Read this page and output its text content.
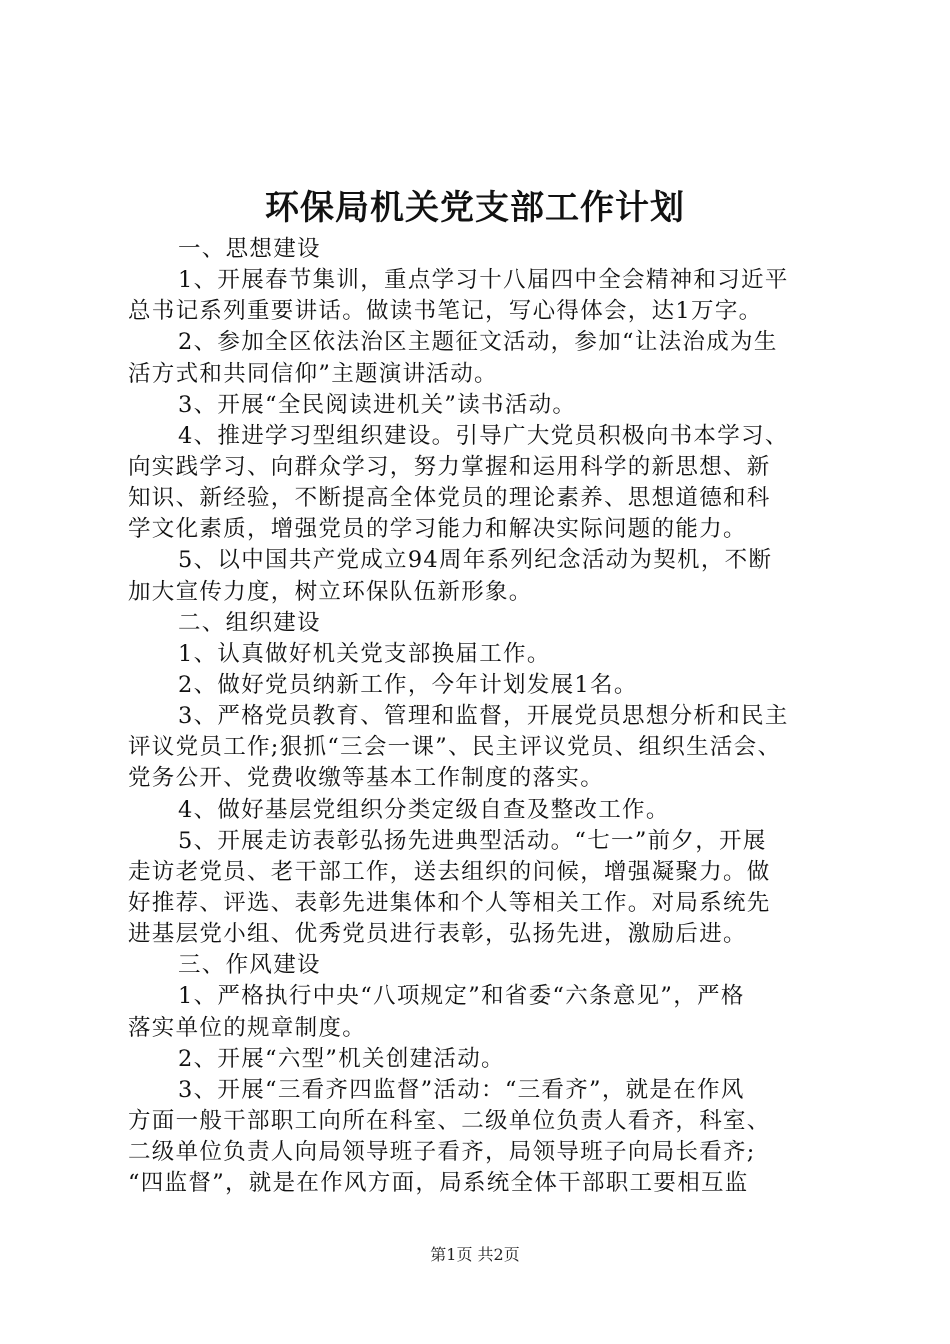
环保局机关党支部工作计划
一、思想建设
1、开展春节集训，重点学习十八届四中全会精神和习近平
总书记系列重要讲话。做读书笔记，写心得体会，达1万字。
2、参加全区依法治区主题征文活动，参加“让法治成为生
活方式和共同信仰”主题演讲活动。
3、开展“全民阅读进机关”读书活动。
4、推进学习型组织建设。引导广大党员积极向书本学习、
向实践学习、向群众学习，努力掌握和运用科学的新思想、新
知识、新经验，不断提高全体党员的理论素养、思想道德和科
学文化素质，增强党员的学习能力和解决实际问题的能力。
5、以中国共产党成立94周年系列纪念活动为契机，不断
加大宣传力度，树立环保队伍新形象。
二、组织建设
1、认真做好机关党支部换届工作。
2、做好党员纳新工作，今年计划发展1名。
3、严格党员教育、管理和监督，开展党员思想分析和民主
评议党员工作;狠抓“三会一课”、民主评议党员、组织生活会、
党务公开、党费收缴等基本工作制度的落实。
4、做好基层党组织分类定级自查及整改工作。
5、开展走访表彰弘扬先进典型活动。“七一”前夕，开展
走访老党员、老干部工作，送去组织的问候，增强凝聚力。做
好推荐、评选、表彰先进集体和个人等相关工作。对局系统先
进基层党小组、优秀党员进行表彰，弘扬先进，激励后进。
三、作风建设
1、严格执行中央“八项规定”和省委“六条意见”，严格
落实单位的规章制度。
2、开展“六型”机关创建活动。
3、开展“三看齐四监督”活动：“三看齐”，就是在作风
方面一般干部职工向所在科室、二级单位负责人看齐，科室、
二级单位负责人向局领导班子看齐，局领导班子向局长看齐;
“四监督”，就是在作风方面，局系统全体干部职工要相互监
第1页 共2页
